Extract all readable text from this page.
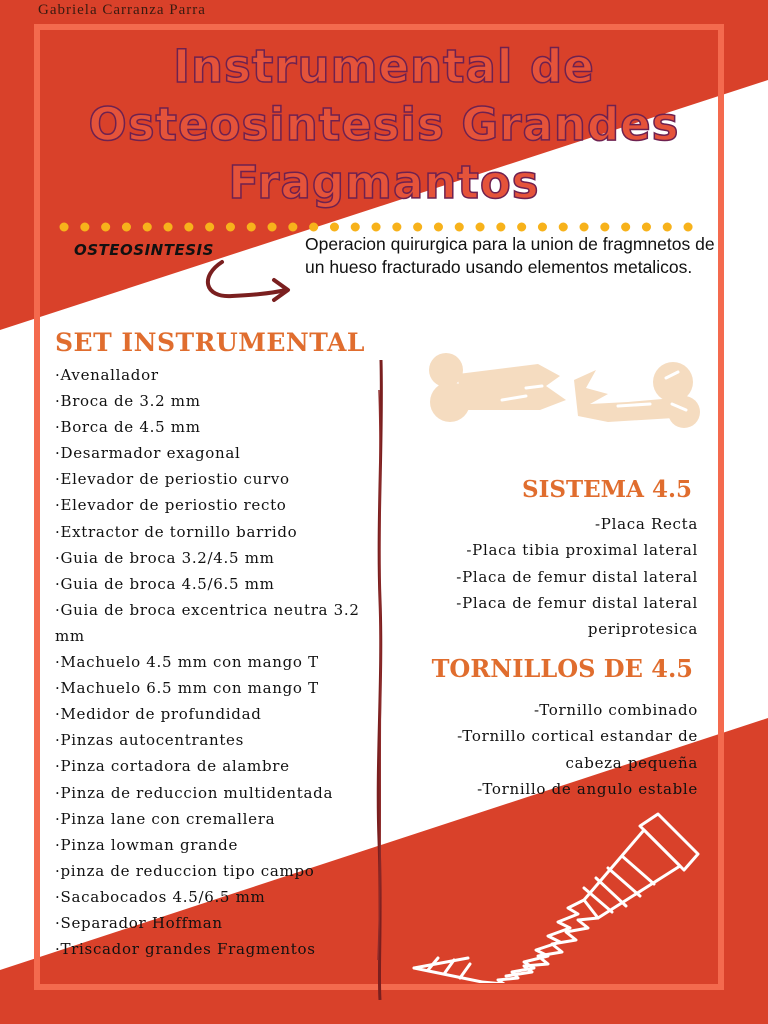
Gabriela Carranza Parra
Instrumental de
Osteosintesis Grandes
Fragmantos
OSTEOSINTESIS	Operacion quirurgica para la union de fragmnetos de un hueso fracturado usando elementos metalicos.
SET INSTRUMENTAL
·Avenallador
·Broca de 3.2 mm
·Borca de 4.5 mm
·Desarmador exagonal
·Elevador de periostio curvo
·Elevador de periostio recto
·Extractor de tornillo barrido
·Guia de broca 3.2/4.5 mm
·Guia de broca 4.5/6.5 mm
·Guia de broca excentrica neutra 3.2 mm
·Machuelo 4.5 mm con mango T
·Machuelo 6.5 mm con mango T
·Medidor de profundidad
·Pinzas autocentrantes
·Pinza cortadora de alambre
·Pinza de reduccion multidentada
·Pinza lane con cremallera
·Pinza lowman grande
·pinza de reduccion tipo campo
·Sacabocados 4.5/6.5 mm
·Separador Hoffman
·Triscador grandes Fragmentos
SISTEMA 4.5
-Placa Recta
-Placa tibia proximal lateral
-Placa de femur distal lateral
-Placa de femur distal lateral periprotesica
TORNILLOS DE 4.5
-Tornillo combinado
-Tornillo cortical estandar de cabeza pequeña
-Tornillo de angulo estable
